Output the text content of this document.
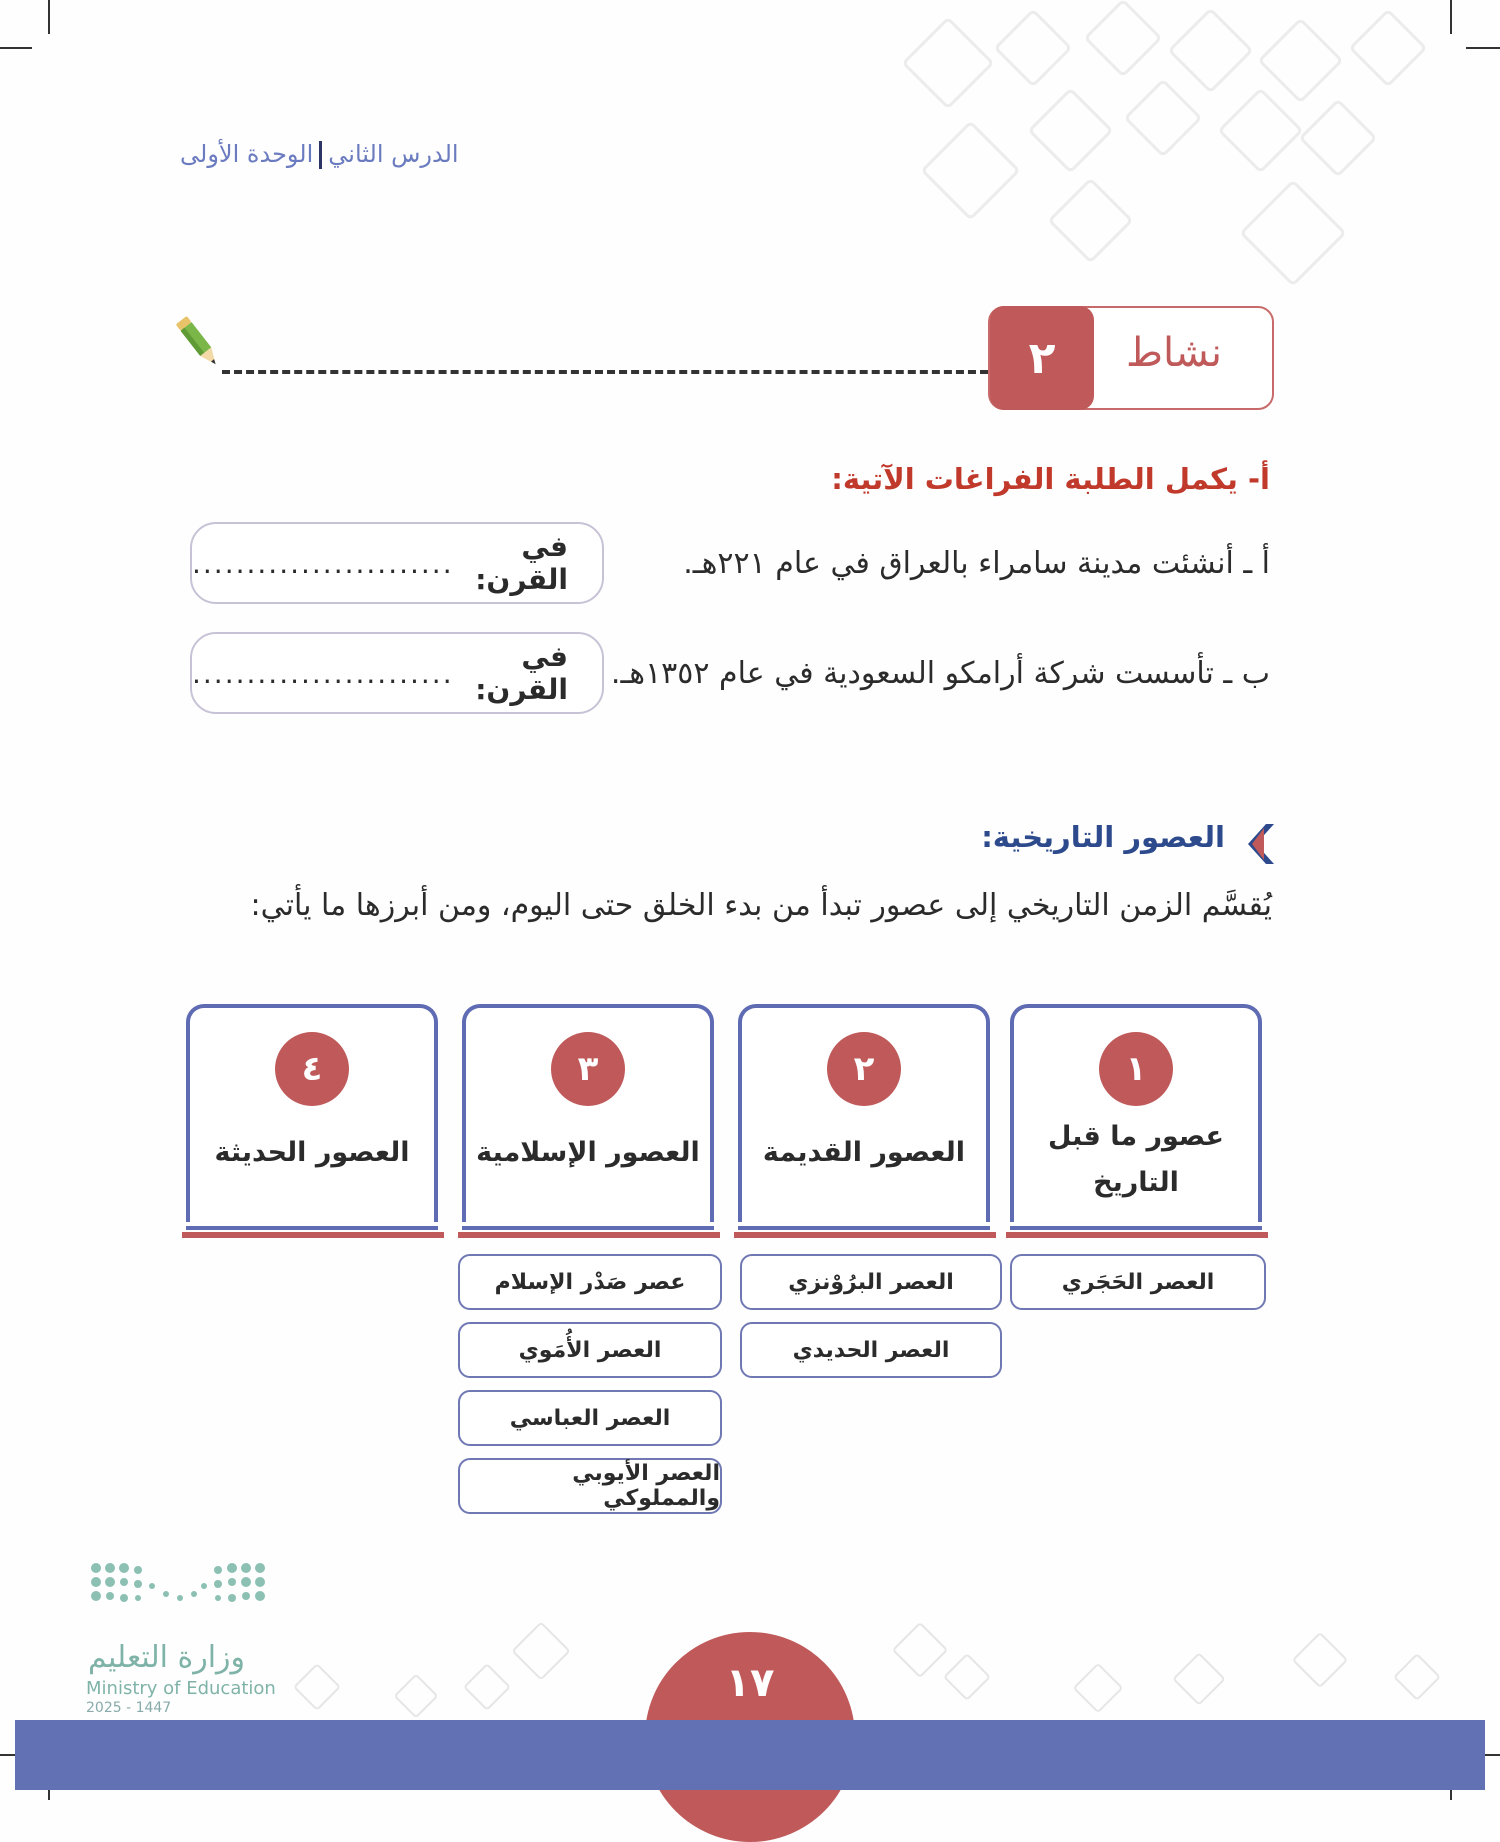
الدرس الثانيالوحدة الأولى
٢	نشاط
أ- يكمل الطلبة الفراغات الآتية:
أ ـ أنشئت مدينة سامراء بالعراق في عام ٢٢١هـ.
في القرن:
........................
ب ـ تأسست شركة أرامكو السعودية في عام ١٣٥٢هـ.
في القرن:
........................
العصور التاريخية:
يُقسَّم الزمن التاريخي إلى عصور تبدأ من بدء الخلق حتى اليوم، ومن أبرزها ما يأتي:
١
عصور ما قبل
التاريخ
٢
العصور القديمة
٣
العصور الإسلامية
٤
العصور الحديثة
العصر الحَجَري
العصر البرُوْنزي
العصر الحديدي
عصر صَدْر الإسلام
العصر الأُمَوي
العصر العباسي
العصر الأيوبي والمملوكي
١٧
وزارة التعليم
Ministry of Education
2025 - 1447
